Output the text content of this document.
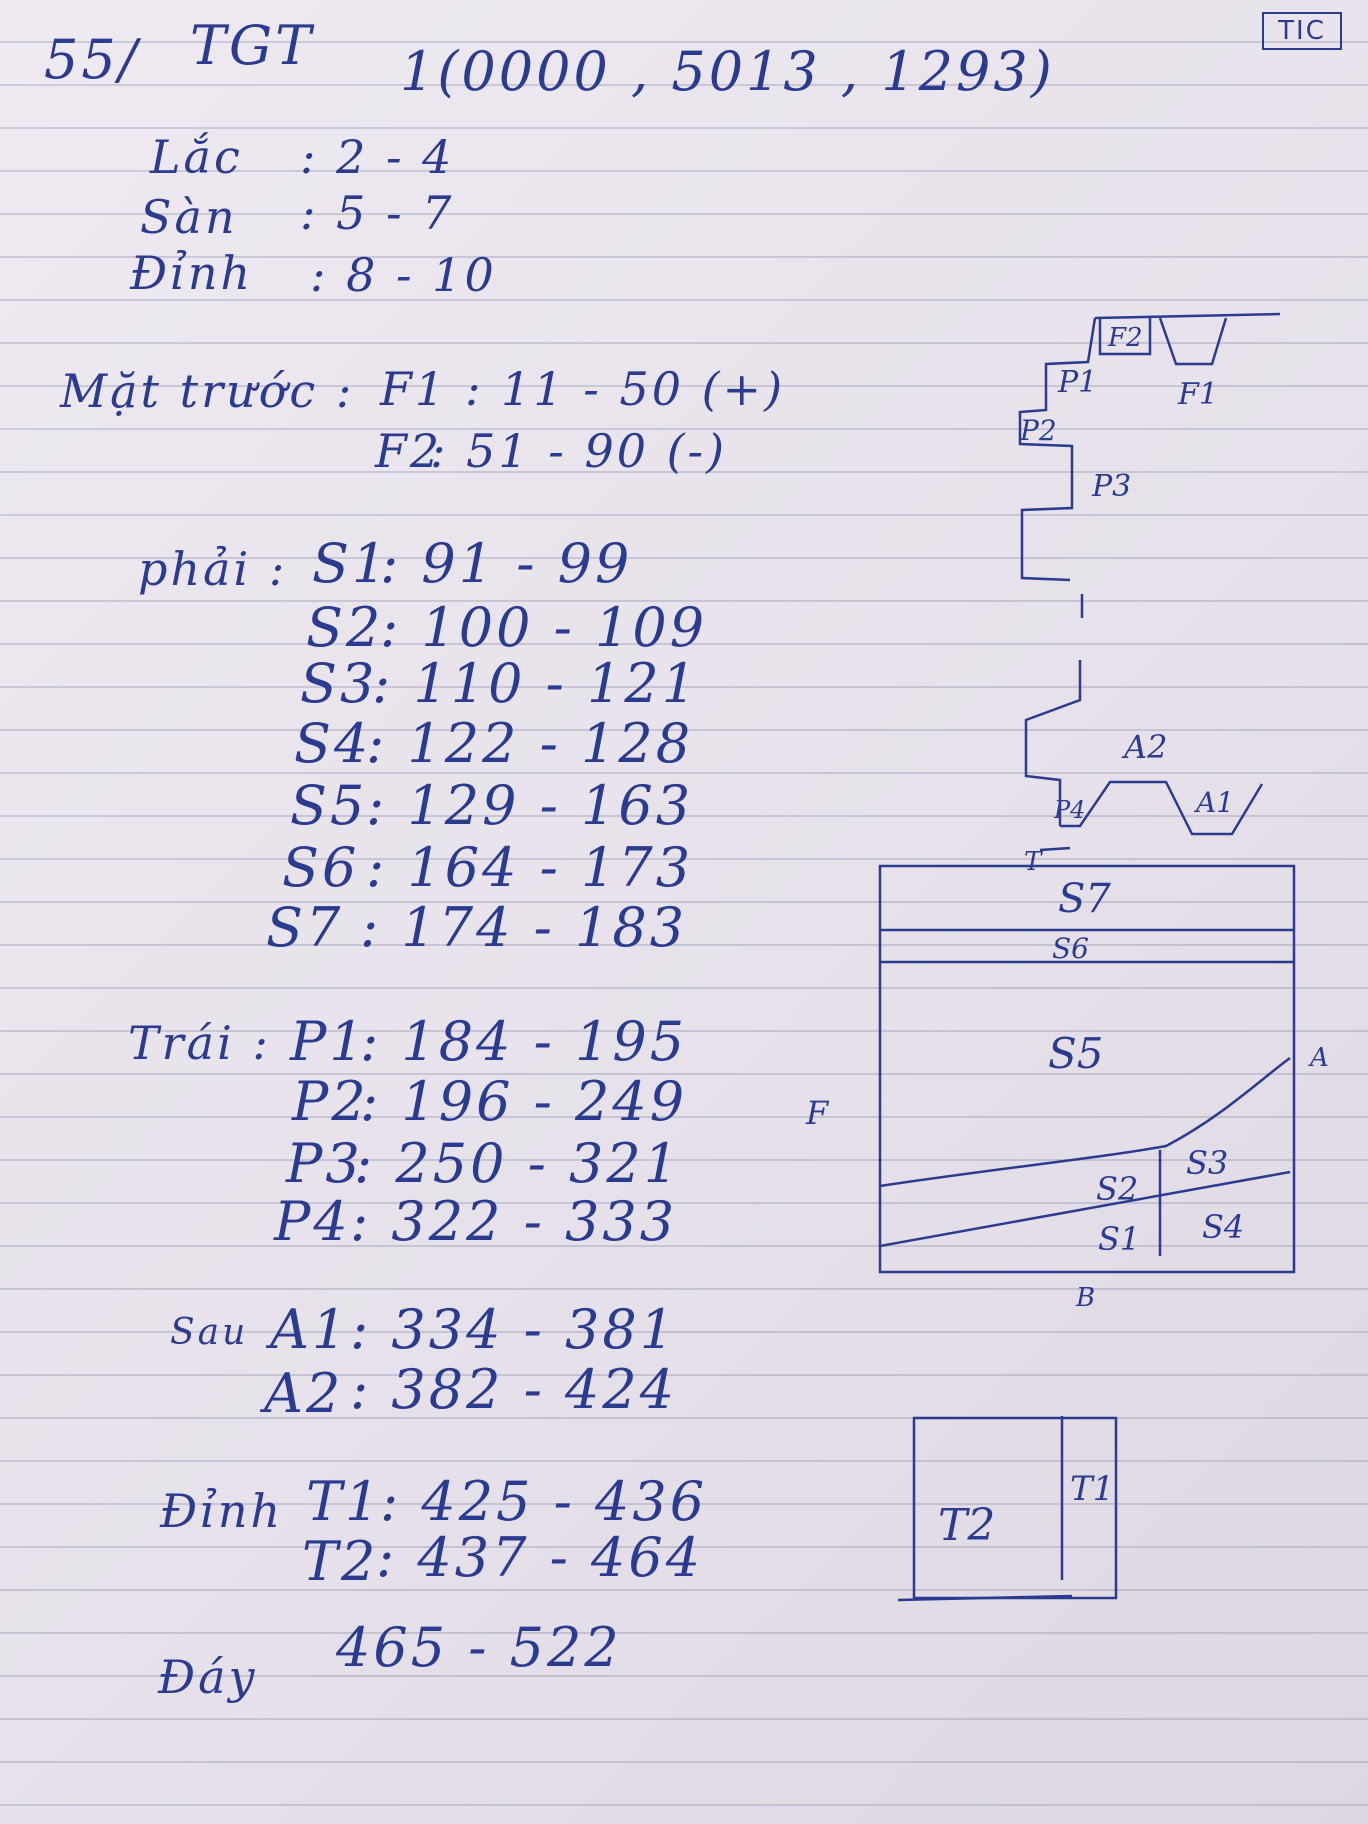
TIC
55/ TGT 1(0000 , 5013 , 1293)
Lắc : 2 - 4
Sàn : 5 - 7
Đỉnh : 8 - 10
Mặt trước : F1 : 11 - 50 (+)
F2
: 51 - 90 (-)
phải : S1
: 91 - 99
S2
: 100 - 109
S3
: 110 - 121
S4
: 122 - 128
S5
: 129 - 163
S6 : 164 - 173
S7 : 174 - 183
Trái : P1
: 184 - 195
P2
: 196 - 249
P3
: 250 - 321
P4 : 322 - 333
Sau A1 : 334 - 381
A2 : 382 - 424
Đỉnh T1
: 425 - 436
T2
: 437 - 464
Đáy 465 - 522
F2
F1
P1
P2
P3
A2
A1
P4
T
S7
S6
S5
S2
S3
S1 S4
F
A
B
T2
T1
